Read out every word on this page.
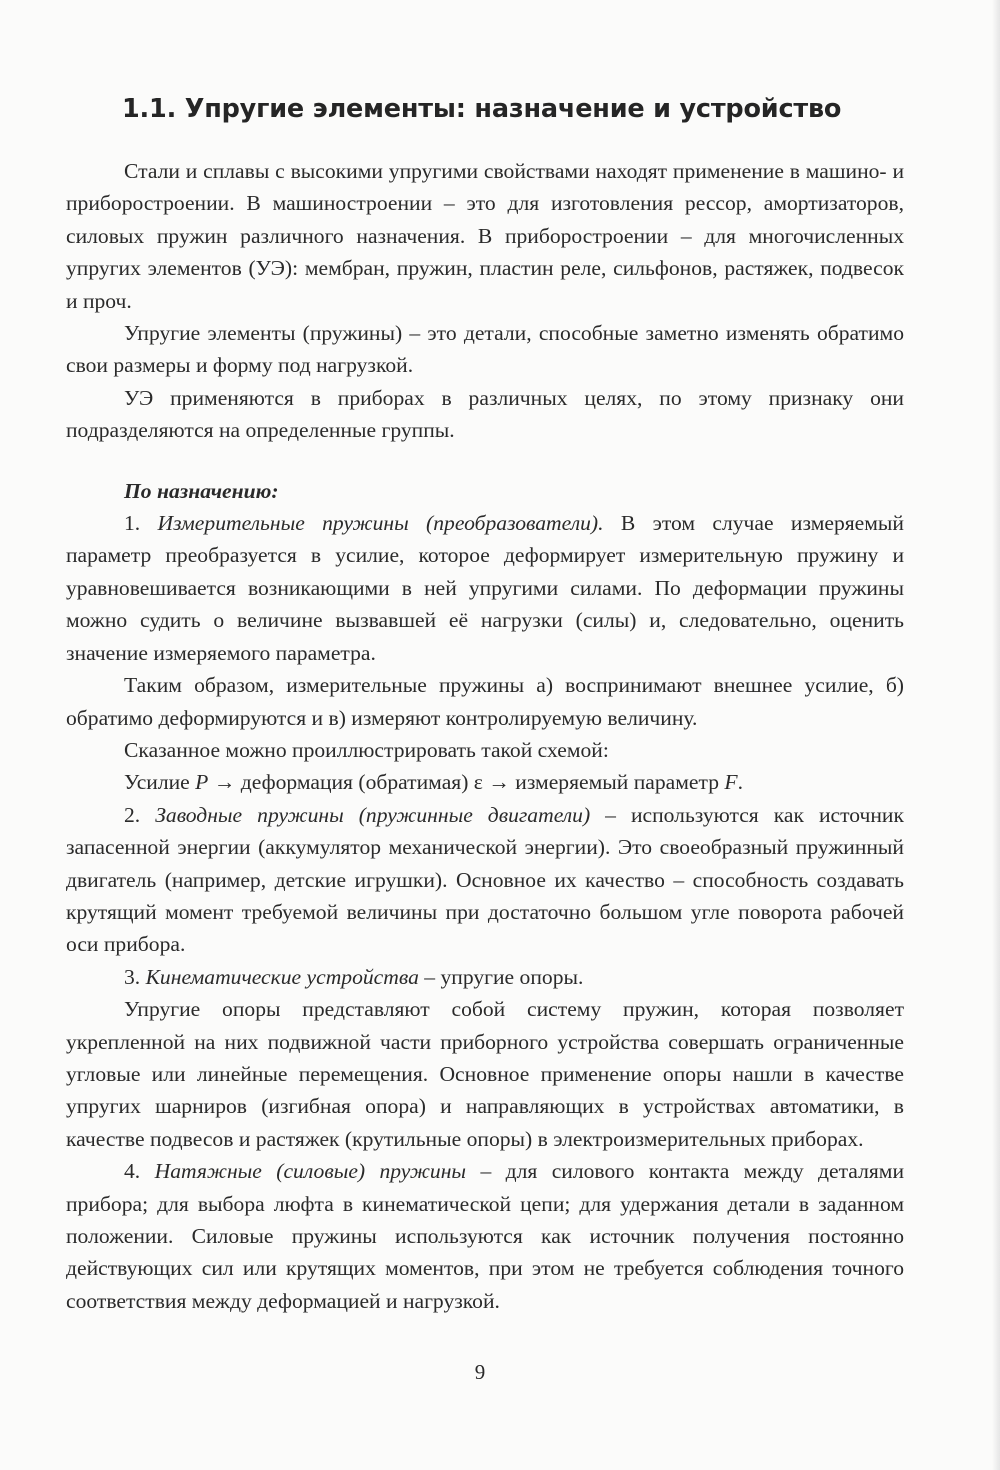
1.1. Упругие элементы: назначение и устройство

Стали и сплавы с высокими упругими свойствами находят применение в машино- и приборостроении. В машиностроении – это для изготовления рессор, амортизаторов, силовых пружин различного назначения. В приборостроении – для многочисленных упругих элементов (УЭ): мембран, пружин, пластин реле, сильфонов, растяжек, подвесок и проч.

Упругие элементы (пружины) – это детали, способные заметно изменять обратимо свои размеры и форму под нагрузкой.

УЭ применяются в приборах в различных целях, по этому признаку они подразделяются на определенные группы.

По назначению:

1. Измерительные пружины (преобразователи). В этом случае измеряемый параметр преобразуется в усилие, которое деформирует измерительную пружину и уравновешивается возникающими в ней упругими силами. По деформации пружины можно судить о величине вызвавшей её нагрузки (силы) и, следовательно, оценить значение измеряемого параметра.

Таким образом, измерительные пружины а) воспринимают внешнее усилие, б) обратимо деформируются и в) измеряют контролируемую величину.

Сказанное можно проиллюстрировать такой схемой:

Усилие P → деформация (обратимая) ε → измеряемый параметр F.

2. Заводные пружины (пружинные двигатели) – используются как источник запасенной энергии (аккумулятор механической энергии). Это своеобразный пружинный двигатель (например, детские игрушки). Основное их качество – способность создавать крутящий момент требуемой величины при достаточно большом угле поворота рабочей оси прибора.

3. Кинематические устройства – упругие опоры.

Упругие опоры представляют собой систему пружин, которая позволяет укрепленной на них подвижной части приборного устройства совершать ограниченные угловые или линейные перемещения. Основное применение опоры нашли в качестве упругих шарниров (изгибная опора) и направляющих в устройствах автоматики, в качестве подвесов и растяжек (крутильные опоры) в электроизмерительных приборах.

4. Натяжные (силовые) пружины – для силового контакта между деталями прибора; для выбора люфта в кинематической цепи; для удержания детали в заданном положении. Силовые пружины используются как источник получения постоянно действующих сил или крутящих моментов, при этом не требуется соблюдения точного соответствия между деформацией и нагрузкой.

9
